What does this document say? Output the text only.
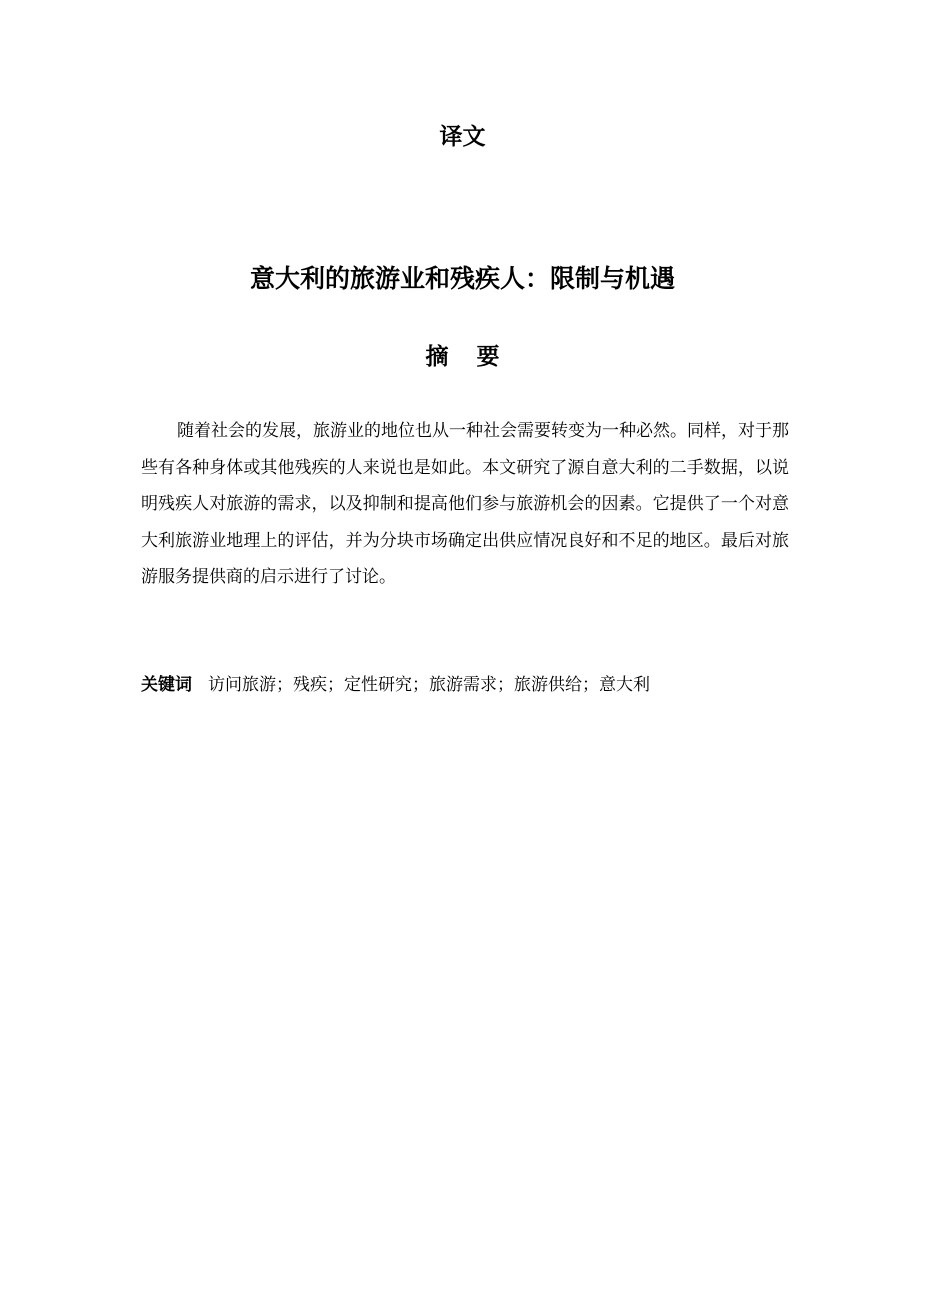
译文
意大利的旅游业和残疾人：限制与机遇
摘要

随着社会的发展，旅游业的地位也从一种社会需要转变为一种必然。同样，对于那些有各种身体或其他残疾的人来说也是如此。本文研究了源自意大利的二手数据，以说明残疾人对旅游的需求，以及抑制和提高他们参与旅游机会的因素。它提供了一个对意大利旅游业地理上的评估，并为分块市场确定出供应情况良好和不足的地区。最后对旅游服务提供商的启示进行了讨论。

关键词 访问旅游；残疾；定性研究；旅游需求；旅游供给；意大利
